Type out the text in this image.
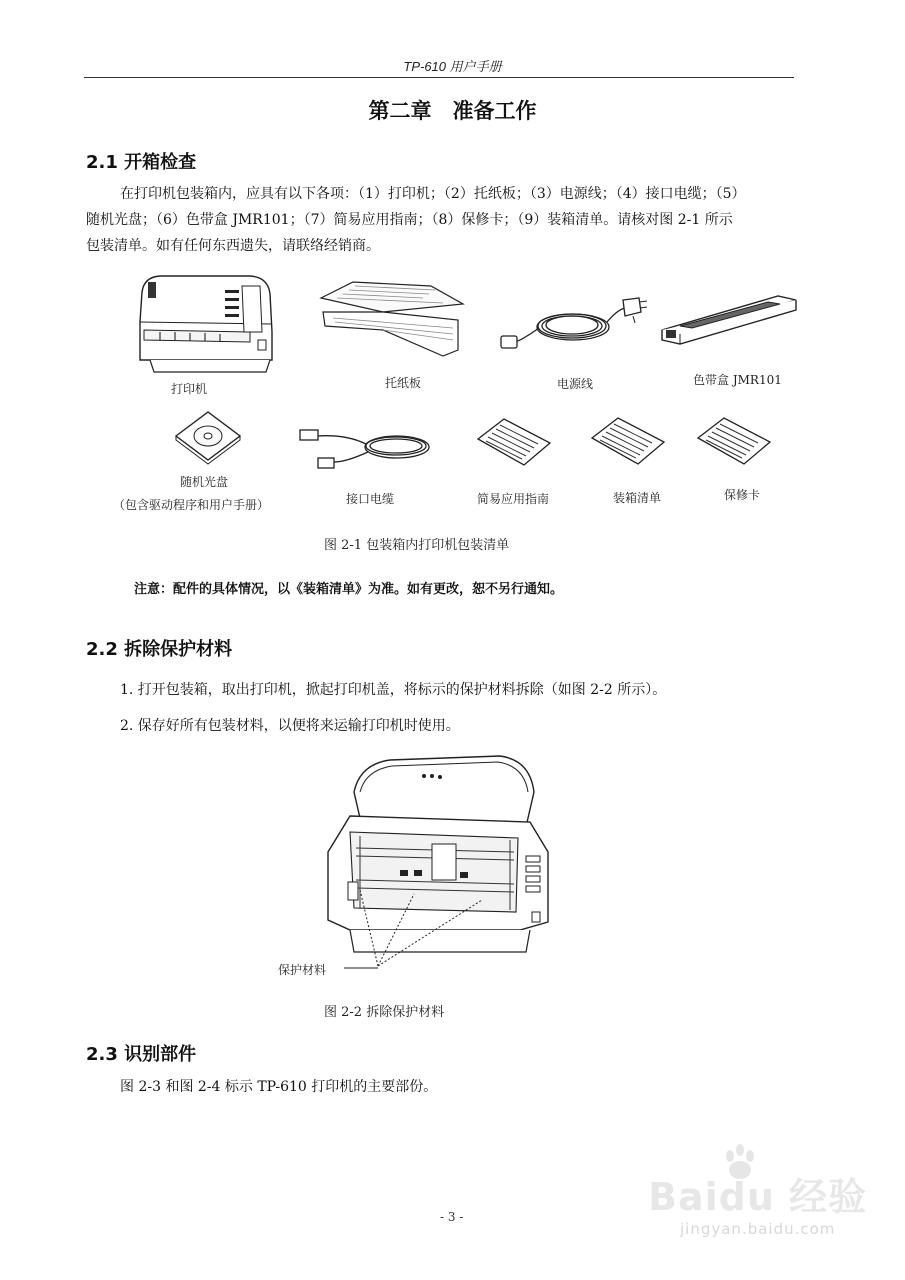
TP-610 用户手册
第二章　准备工作
2.1 开箱检查
在打印机包装箱内，应具有以下各项：（1）打印机；（2）托纸板；（3）电源线；（4）接口电缆；（5）
随机光盘；（6）色带盒 JMR101；（7）简易应用指南；（8）保修卡；（9）装箱清单。请核对图 2-1 所示
包装清单。如有任何东西遗失，请联络经销商。
打印机	托纸板	电源线	色带盒 JMR101
随机光盘
（包含驱动程序和用户手册）	接口电缆	简易应用指南	装箱清单	保修卡
图 2-1 包装箱内打印机包装清单
注意：配件的具体情况，以《装箱清单》为准。如有更改，恕不另行通知。
2.2 拆除保护材料
1. 打开包装箱，取出打印机，掀起打印机盖，将标示的保护材料拆除（如图 2-2 所示）。
2. 保存好所有包装材料，以便将来运输打印机时使用。
保护材料
图 2-2 拆除保护材料
2.3 识别部件
图 2-3 和图 2-4 标示 TP-610 打印机的主要部份。
- 3 -	Baidu 经验
jingyan.baidu.com
